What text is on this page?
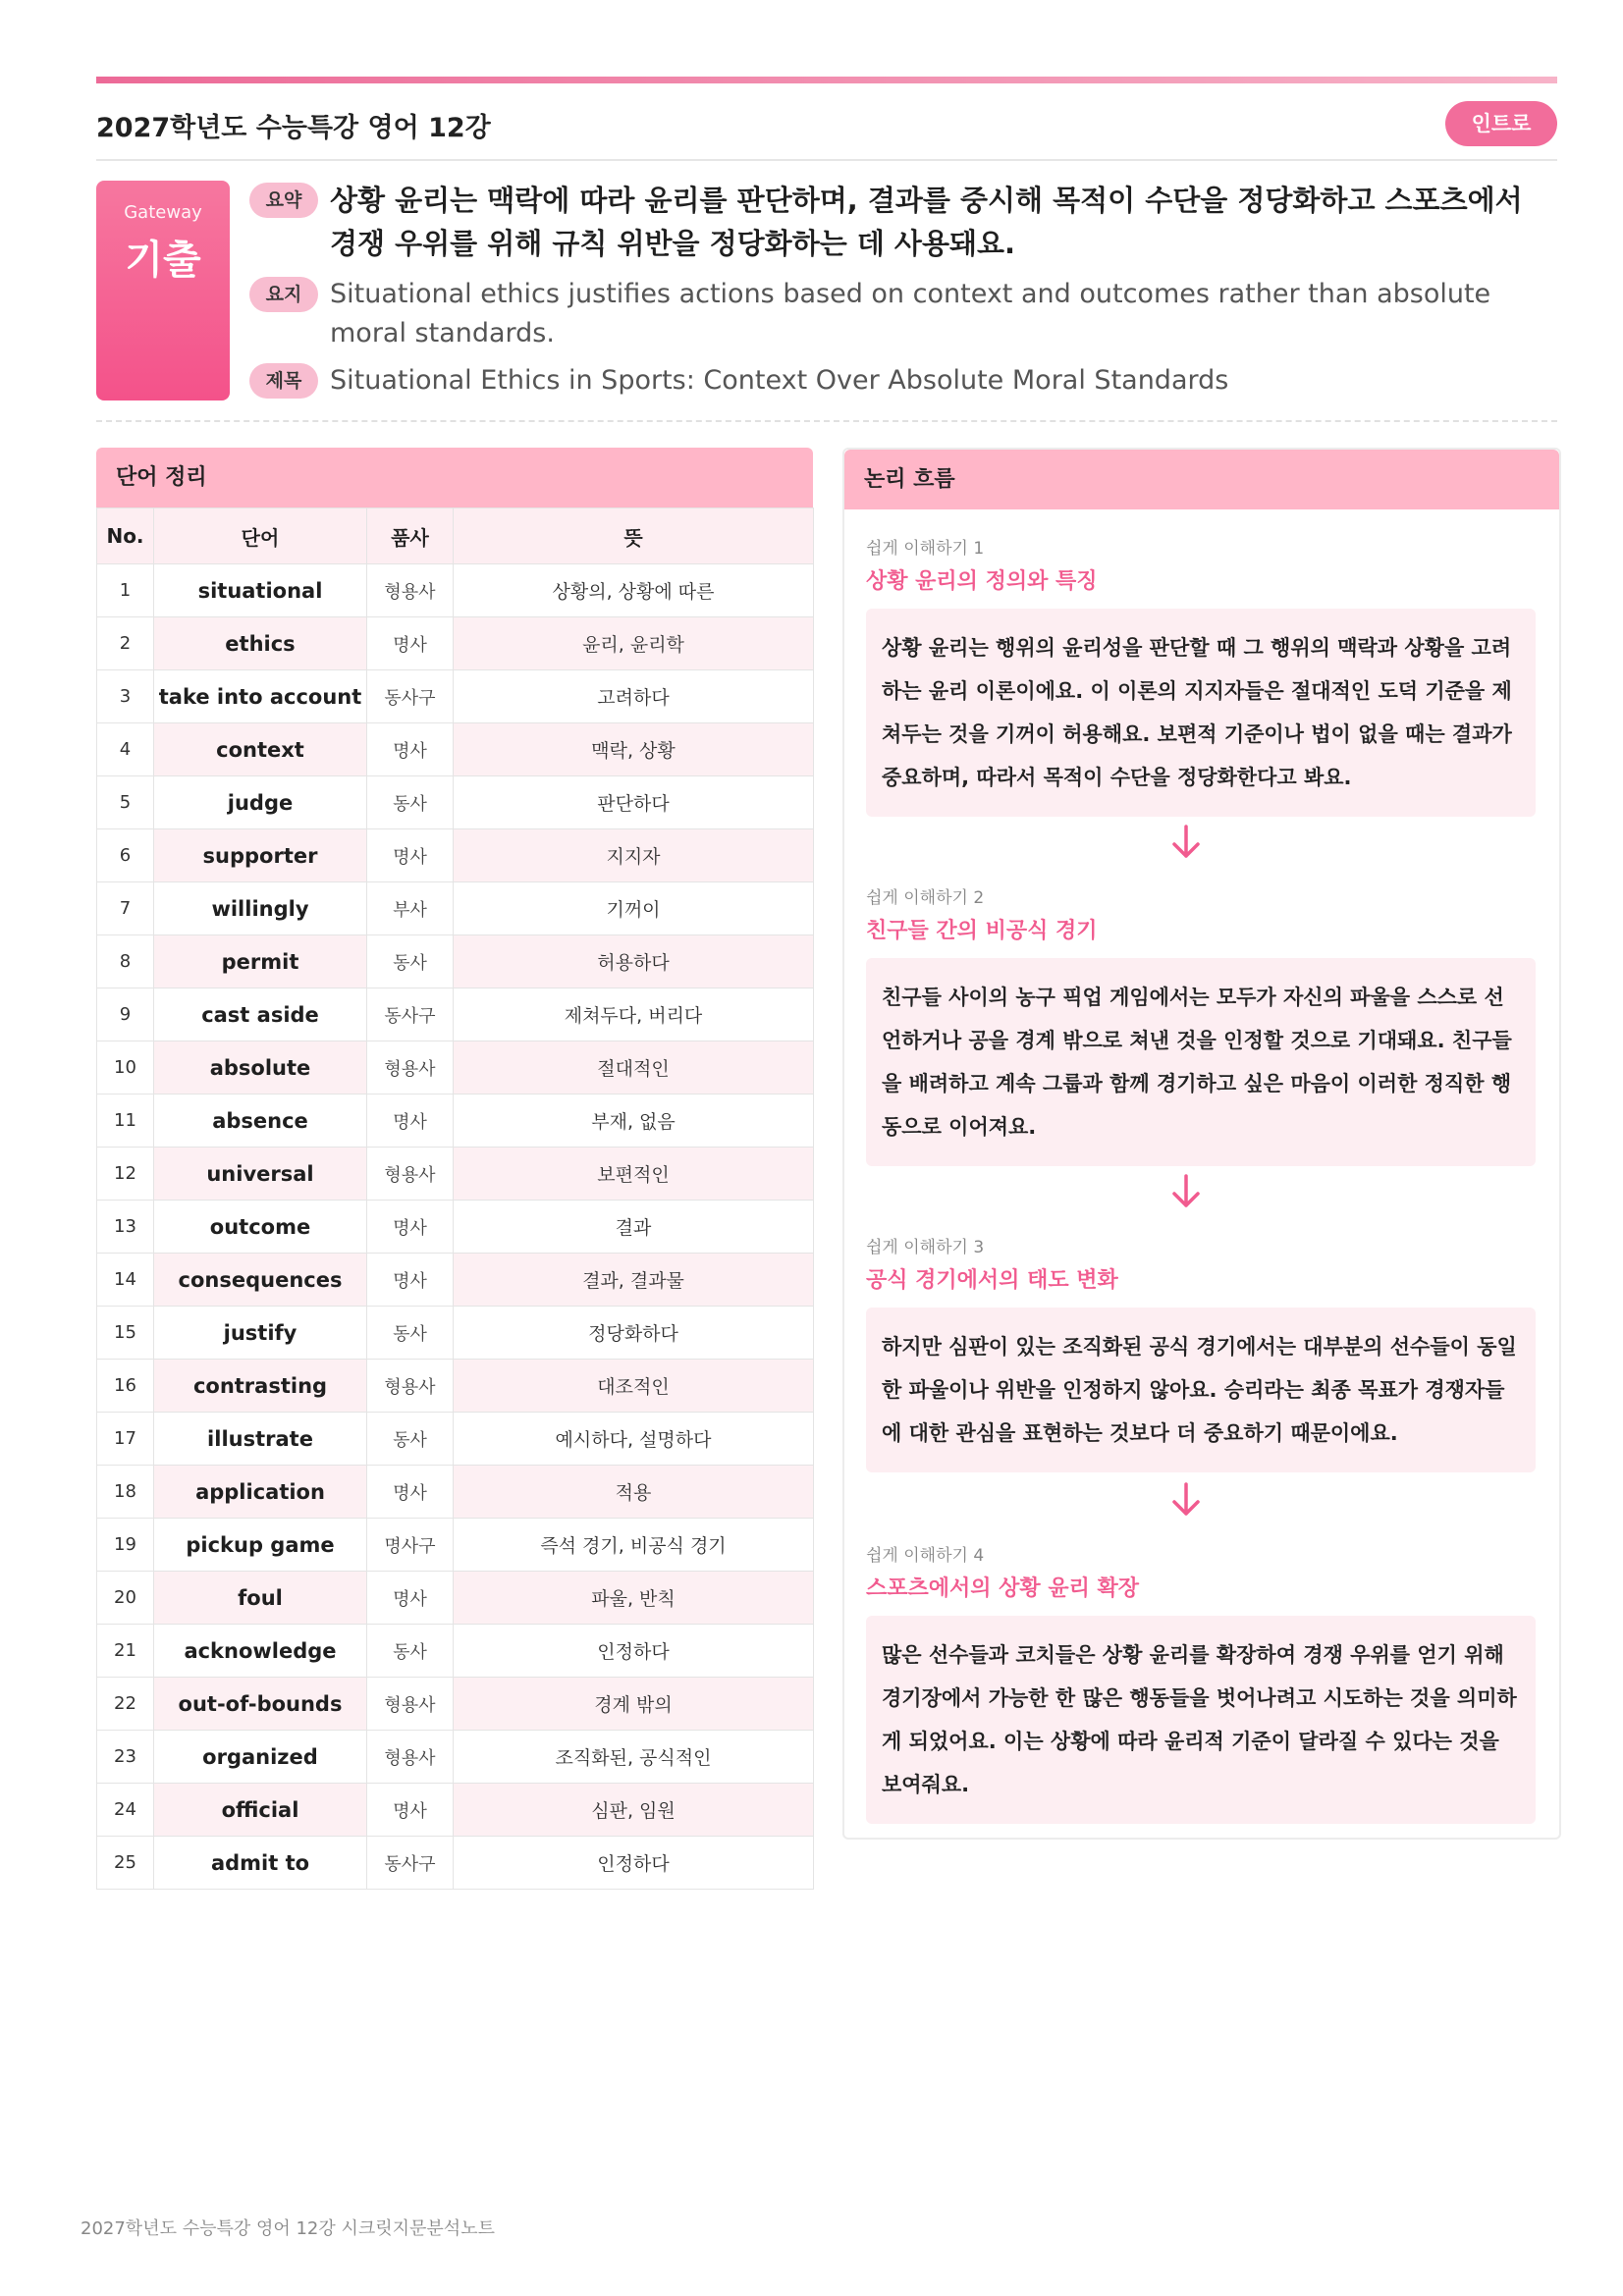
2027학년도 수능특강 영어 12강	인트로
Gateway
기출
요약 상황 윤리는 맥락에 따라 윤리를 판단하며, 결과를 중시해 목적이 수단을 정당화하고 스포츠에서 경쟁 우위를 위해 규칙 위반을 정당화하는 데 사용돼요.
요지	Situational ethics justifies actions based on context and outcomes rather than absolute moral standards.
제목	Situational Ethics in Sports: Context Over Absolute Moral Standards
단어 정리
No.	단어	품사	뜻
1	situational	형용사	상황의, 상황에 따른
2	ethics	명사	윤리, 윤리학
3	take into account	동사구	고려하다
4	context	명사	맥락, 상황
5	judge	동사	판단하다
6	supporter	명사	지지자
7	willingly	부사	기꺼이
8	permit	동사	허용하다
9	cast aside	동사구	제쳐두다, 버리다
10	absolute	형용사	절대적인
11	absence	명사	부재, 없음
12	universal	형용사	보편적인
13	outcome	명사	결과
14	consequences	명사	결과, 결과물
15	justify	동사	정당화하다
16	contrasting	형용사	대조적인
17	illustrate	동사	예시하다, 설명하다
18	application	명사	적용
19	pickup game	명사구	즉석 경기, 비공식 경기
20	foul	명사	파울, 반칙
21	acknowledge	동사	인정하다
22	out-of-bounds	형용사	경계 밖의
23	organized	형용사	조직화된, 공식적인
24	official	명사	심판, 임원
25	admit to	동사구	인정하다
논리 흐름
쉽게 이해하기 1
상황 윤리의 정의와 특징
상황 윤리는 행위의 윤리성을 판단할 때 그 행위의 맥락과 상황을 고려하는 윤리 이론이에요. 이 이론의 지지자들은 절대적인 도덕 기준을 제쳐두는 것을 기꺼이 허용해요. 보편적 기준이나 법이 없을 때는 결과가 중요하며, 따라서 목적이 수단을 정당화한다고 봐요.
쉽게 이해하기 2
친구들 간의 비공식 경기
친구들 사이의 농구 픽업 게임에서는 모두가 자신의 파울을 스스로 선언하거나 공을 경계 밖으로 쳐낸 것을 인정할 것으로 기대돼요. 친구들을 배려하고 계속 그룹과 함께 경기하고 싶은 마음이 이러한 정직한 행동으로 이어져요.
쉽게 이해하기 3
공식 경기에서의 태도 변화
하지만 심판이 있는 조직화된 공식 경기에서는 대부분의 선수들이 동일한 파울이나 위반을 인정하지 않아요. 승리라는 최종 목표가 경쟁자들에 대한 관심을 표현하는 것보다 더 중요하기 때문이에요.
쉽게 이해하기 4
스포츠에서의 상황 윤리 확장
많은 선수들과 코치들은 상황 윤리를 확장하여 경쟁 우위를 얻기 위해 경기장에서 가능한 한 많은 행동들을 벗어나려고 시도하는 것을 의미하게 되었어요. 이는 상황에 따라 윤리적 기준이 달라질 수 있다는 것을 보여줘요.
2027학년도 수능특강 영어 12강 시크릿지문분석노트
